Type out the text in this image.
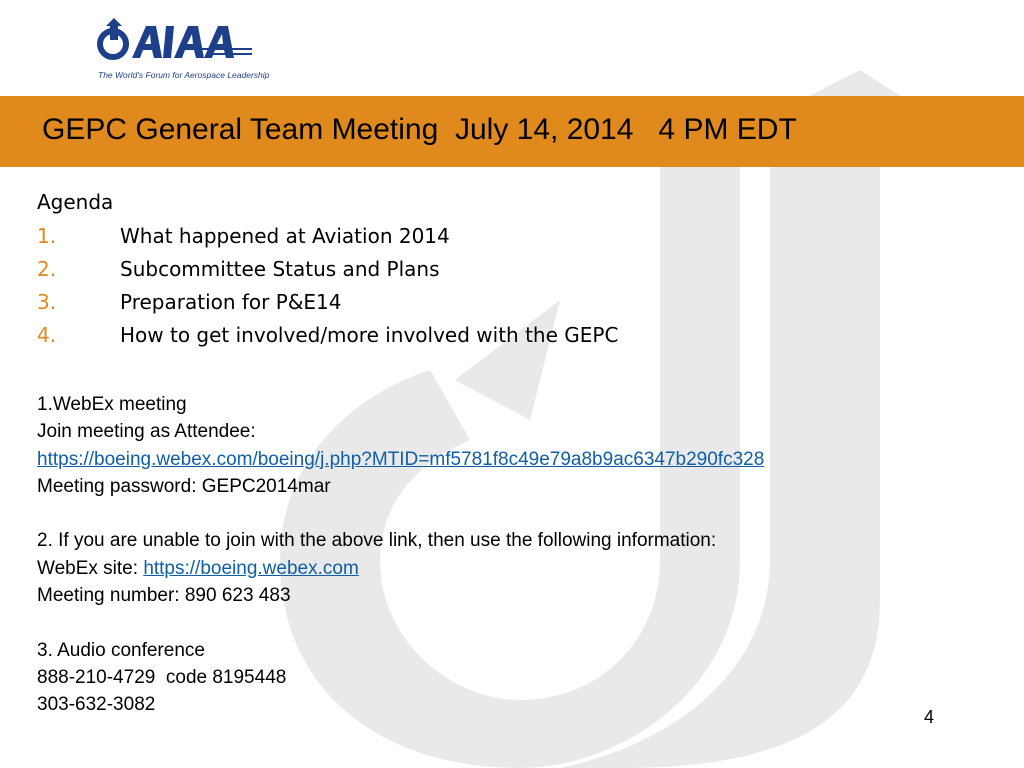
The World's Forum for Aerospace Leadership
GEPC General Team Meeting  July 14, 2014   4 PM EDT
Agenda
1.	What happened at Aviation 2014
2.	Subcommittee Status and Plans
3.	Preparation for P&E14
4.	How to get involved/more involved with the GEPC
1.WebEx meeting
Join meeting as Attendee:
https://boeing.webex.com/boeing/j.php?MTID=mf5781f8c49e79a8b9ac6347b290fc328
Meeting password: GEPC2014mar
2. If you are unable to join with the above link, then use the following information:
WebEx site: https://boeing.webex.com
Meeting number: 890 623 483
3. Audio conference
888-210-4729  code 8195448
303-632-3082
4
